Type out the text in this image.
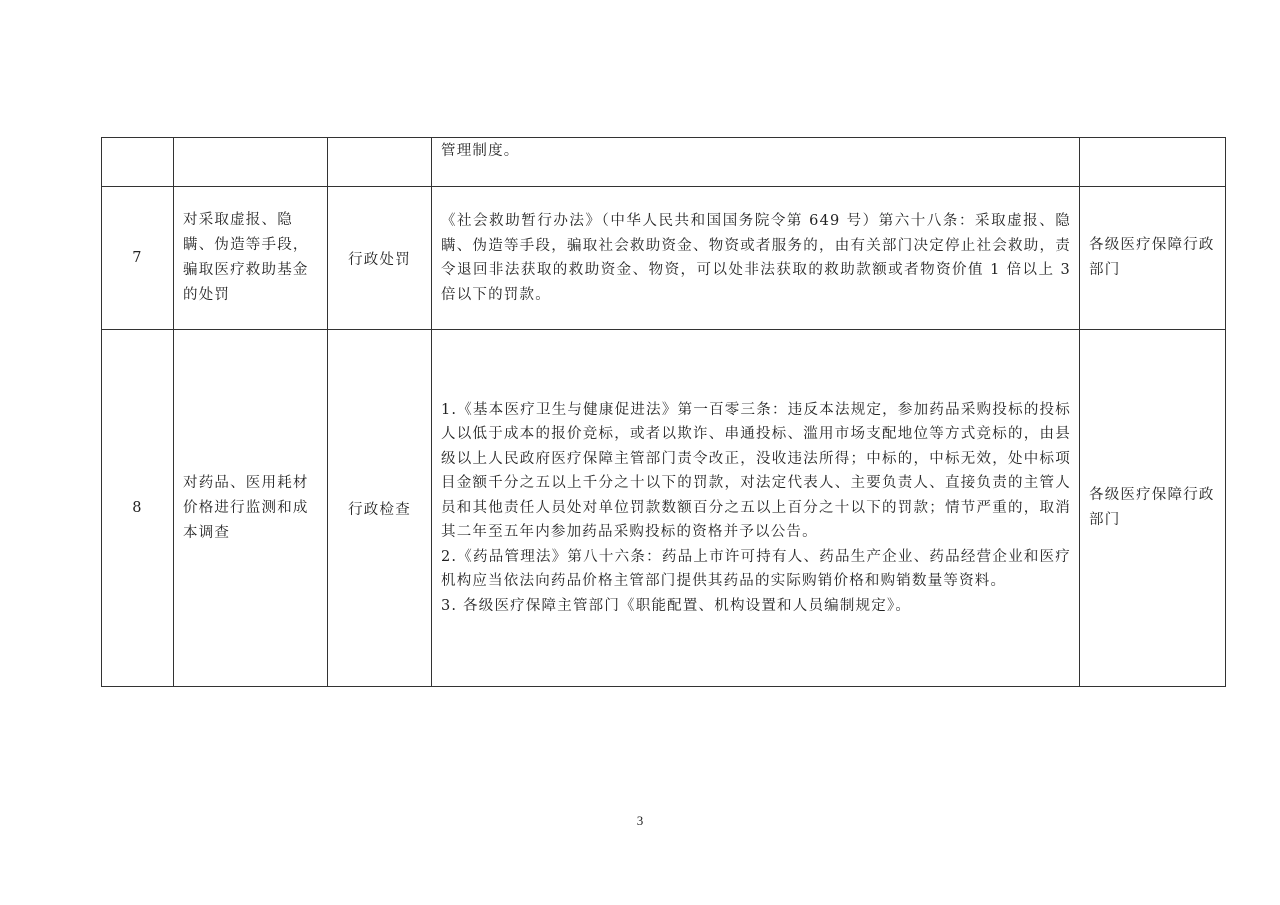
			管理制度。	

7	对采取虚报、隐瞒、伪造等手段，骗取医疗救助基金的处罚	行政处罚	《社会救助暂行办法》（中华人民共和国国务院令第 649 号）第六十八条：采取虚报、隐瞒、伪造等手段，骗取社会救助资金、物资或者服务的，由有关部门决定停止社会救助，责令退回非法获取的救助资金、物资，可以处非法获取的救助款额或者物资价值 1 倍以上 3 倍以下的罚款。	各级医疗保障行政部门
8	对药品、医用耗材价格进行监测和成本调查	行政检查	1.《基本医疗卫生与健康促进法》第一百零三条：违反本法规定，参加药品采购投标的投标人以低于成本的报价竞标，或者以欺诈、串通投标、滥用市场支配地位等方式竞标的，由县级以上人民政府医疗保障主管部门责令改正，没收违法所得；中标的，中标无效，处中标项目金额千分之五以上千分之十以下的罚款，对法定代表人、主要负责人、直接负责的主管人员和其他责任人员处对单位罚款数额百分之五以上百分之十以下的罚款；情节严重的，取消其二年至五年内参加药品采购投标的资格并予以公告。
2.《药品管理法》第八十六条：药品上市许可持有人、药品生产企业、药品经营企业和医疗机构应当依法向药品价格主管部门提供其药品的实际购销价格和购销数量等资料。
3. 各级医疗保障主管部门《职能配置、机构设置和人员编制规定》。	各级医疗保障行政部门
3
